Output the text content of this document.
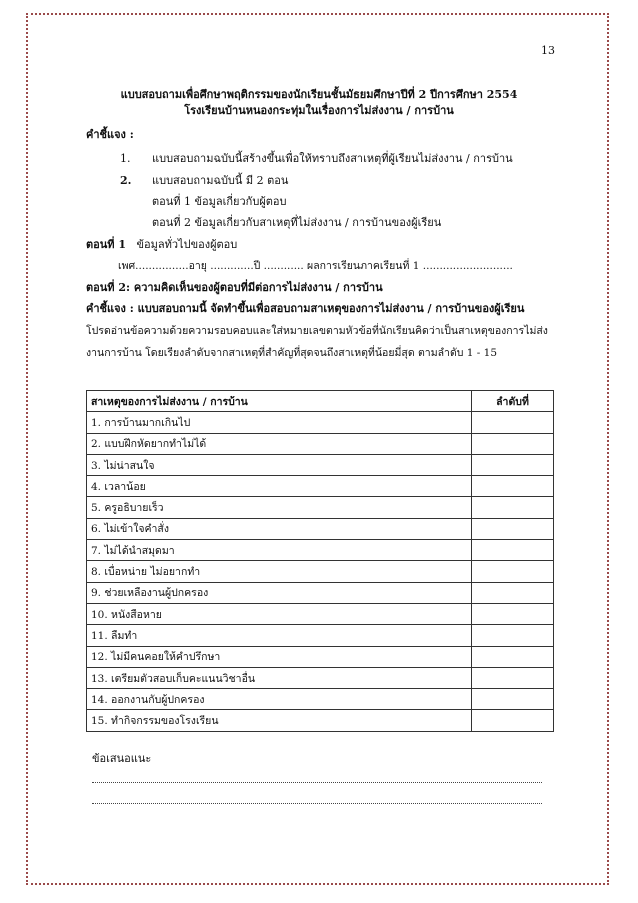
13
แบบสอบถามเพื่อศึกษาพฤติกรรมของนักเรียนชั้นมัธยมศึกษาปีที่ 2 ปีการศึกษา 2554
โรงเรียนบ้านหนองกระทุ่มในเรื่องการไม่ส่งงาน / การบ้าน
คำชี้แจง :
1. แบบสอบถามฉบับนี้สร้างขึ้นเพื่อให้ทราบถึงสาเหตุที่ผู้เรียนไม่ส่งงาน / การบ้าน
2. แบบสอบถามฉบับนี้ มี 2 ตอน
ตอนที่ 1 ข้อมูลเกี่ยวกับผู้ตอบ
ตอนที่ 2 ข้อมูลเกี่ยวกับสาเหตุที่ไม่ส่งงาน / การบ้านของผู้เรียน
ตอนที่ 1 ข้อมูลทั่วไปของผู้ตอบ
เพศ................อายุ .............ปี ............ ผลการเรียนภาคเรียนที่ 1 ...........................
ตอนที่ 2: ความคิดเห็นของผู้ตอบที่มีต่อการไม่ส่งงาน / การบ้าน
คำชี้แจง : แบบสอบถามนี้ จัดทำขึ้นเพื่อสอบถามสาเหตุของการไม่ส่งงาน / การบ้านของผู้เรียน
โปรดอ่านข้อความด้วยความรอบคอบและใส่หมายเลขตามหัวข้อที่นักเรียนคิดว่าเป็นสาเหตุของการไม่ส่ง
งานการบ้าน โดยเรียงลำดับจากสาเหตุที่สำคัญที่สุดจนถึงสาเหตุที่น้อยมี่สุด ตามลำดับ 1 - 15
สาเหตุของการไม่ส่งงาน / การบ้าน	ลำดับที่
1. การบ้านมากเกินไป	
2. แบบฝึกหัดยากทำไม่ได้	
3. ไม่น่าสนใจ	
4. เวลาน้อย	
5. ครูอธิบายเร็ว	
6. ไม่เข้าใจคำสั่ง	
7. ไม่ได้นำสมุดมา	
8. เบื่อหน่าย ไม่อยากทำ	
9. ช่วยเหลืองานผู้ปกครอง	
10. หนังสือหาย	
11. ลืมทำ	
12. ไม่มีคนคอยให้คำปรึกษา	
13. เตรียมตัวสอบเก็บคะแนนวิชาอื่น	
14. ออกงานกับผู้ปกครอง	
15. ทำกิจกรรมของโรงเรียน	
ข้อเสนอแนะ
